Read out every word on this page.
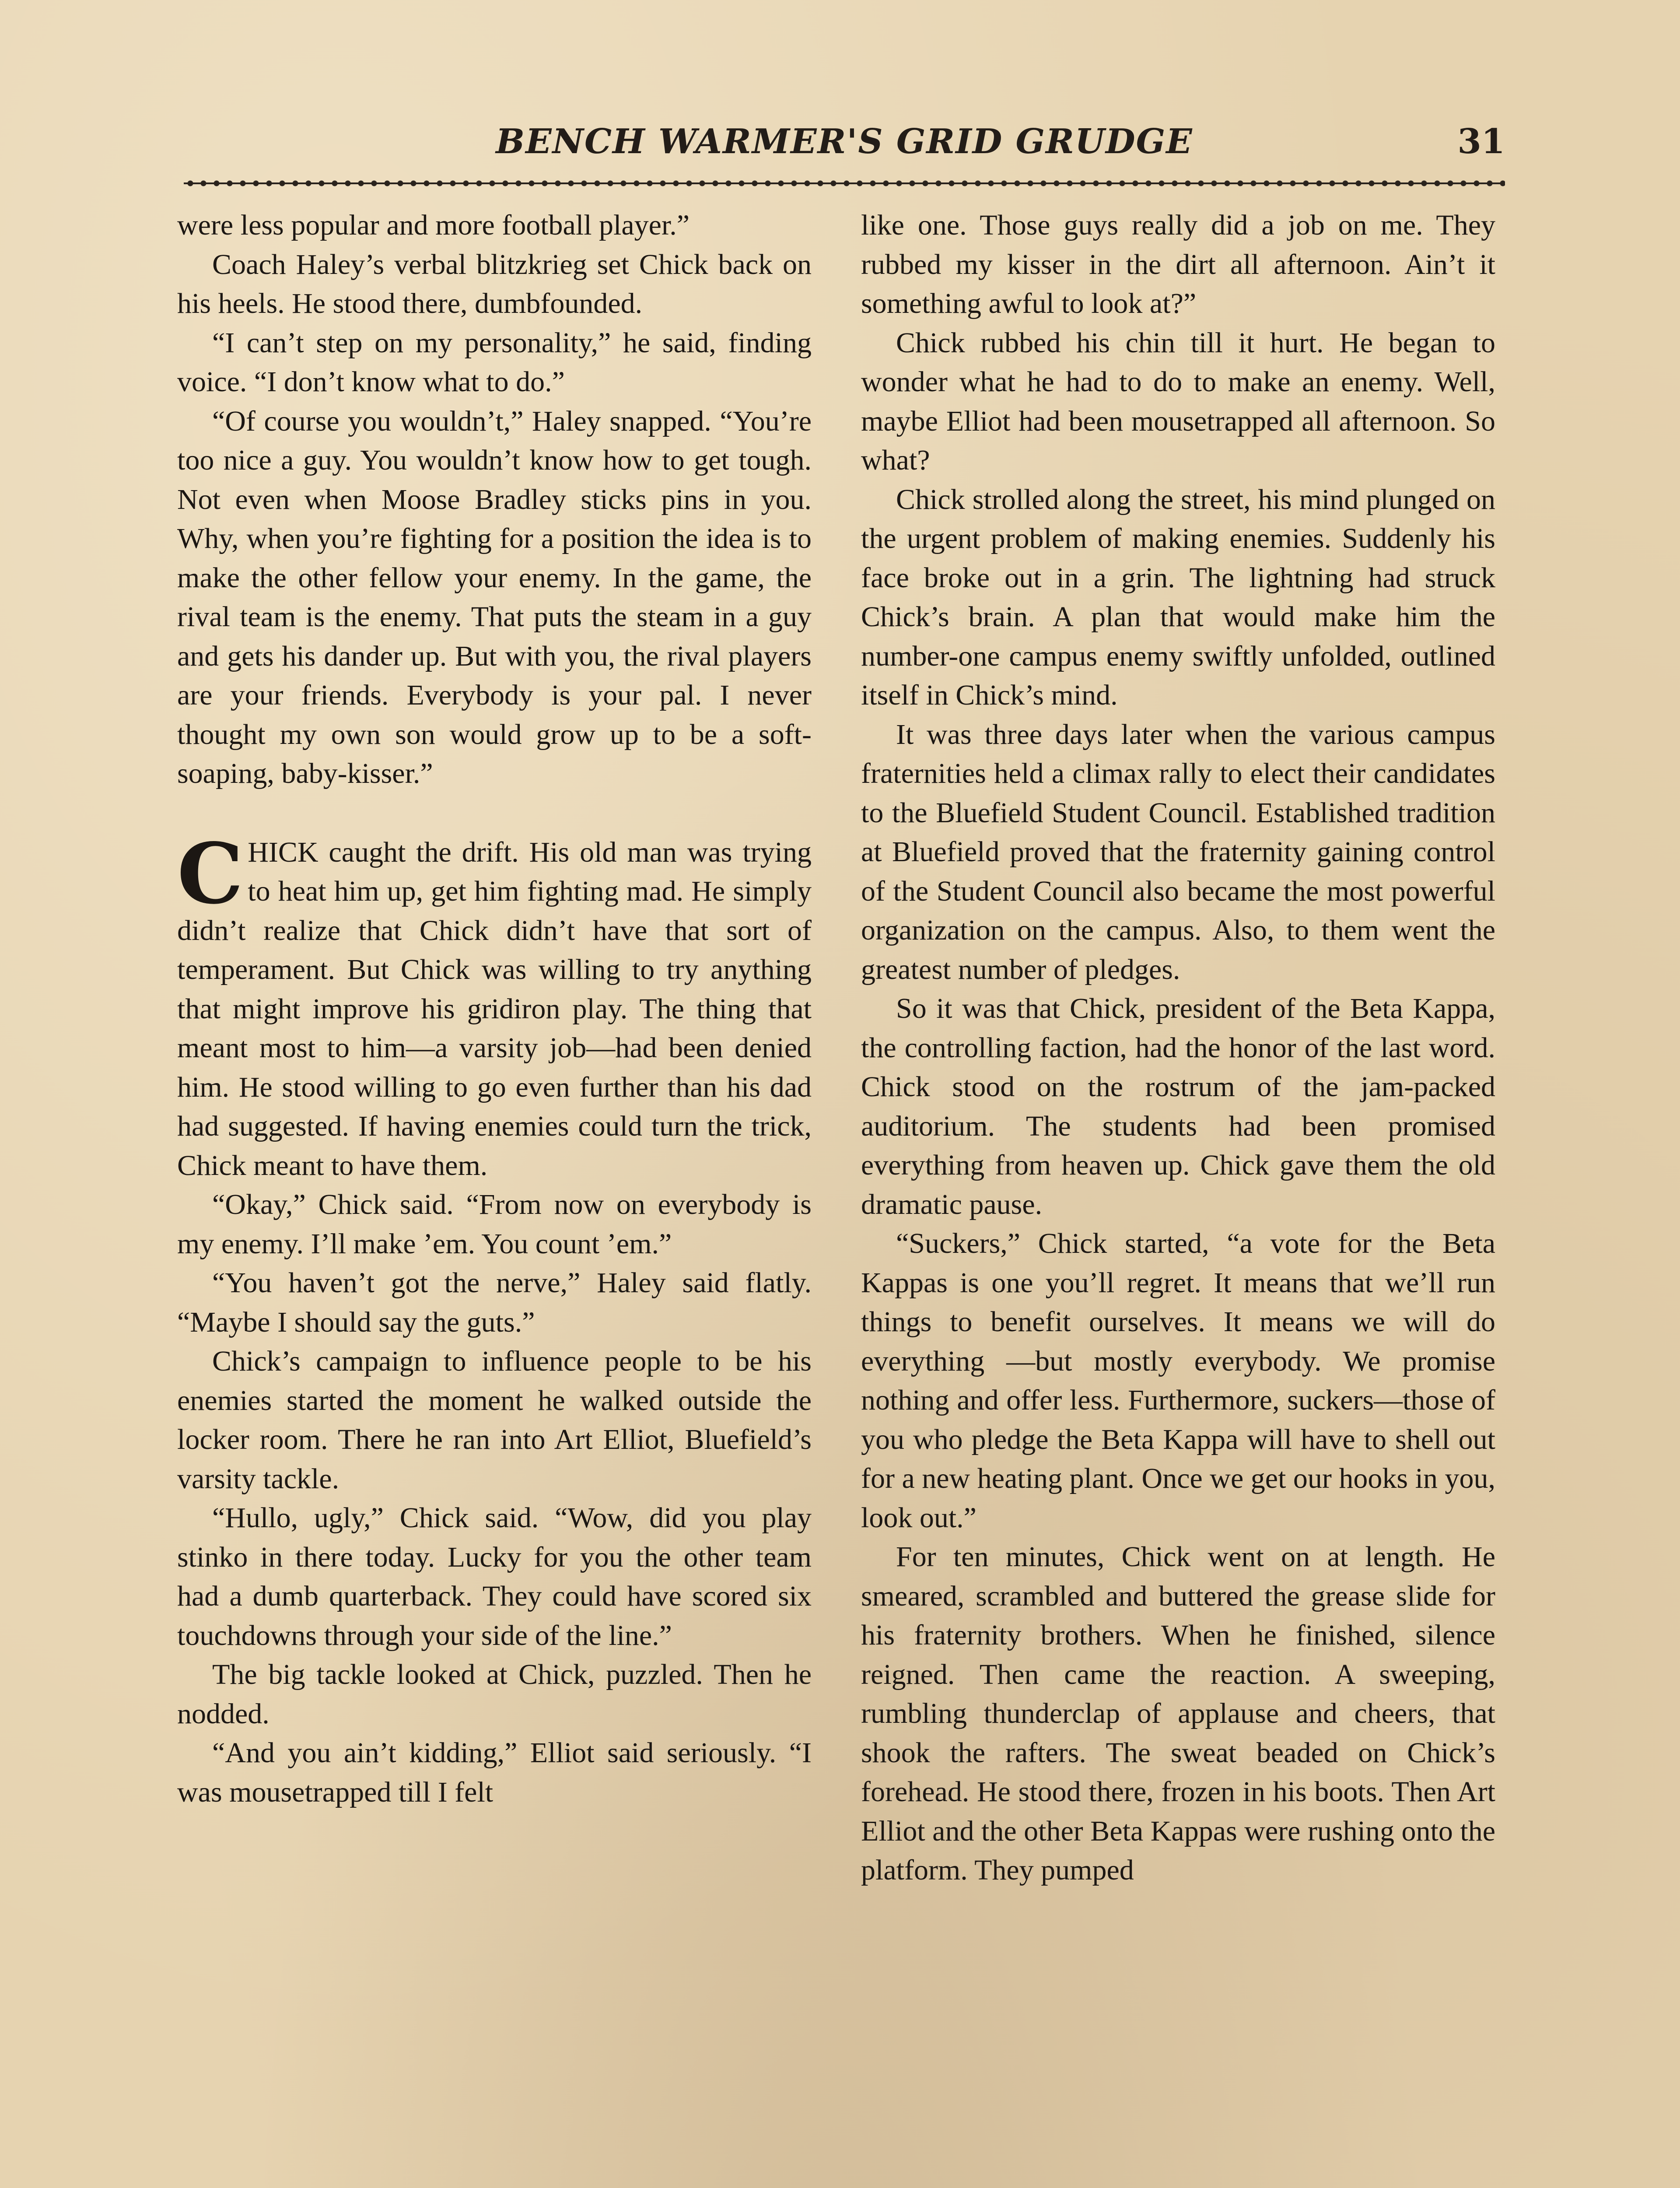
BENCH WARMER'S GRID GRUDGE	31

were less popular and more football player.”

Coach Haley’s verbal blitzkrieg set Chick back on his heels. He stood there, dumbfounded.

“I can’t step on my personality,” he said, finding voice. “I don’t know what to do.”

“Of course you wouldn’t,” Haley snapped. “You’re too nice a guy. You wouldn’t know how to get tough. Not even when Moose Bradley sticks pins in you. Why, when you’re fighting for a position the idea is to make the other fellow your enemy. In the game, the rival team is the enemy. That puts the steam in a guy and gets his dander up. But with you, the rival players are your friends. Everybody is your pal. I never thought my own son would grow up to be a soft-soaping, baby-kisser.”

CHICK caught the drift. His old man was trying to heat him up, get him fighting mad. He simply didn’t realize that Chick didn’t have that sort of temperament. But Chick was willing to try anything that might improve his gridiron play. The thing that meant most to him—a varsity job—had been denied him. He stood willing to go even further than his dad had suggested. If having enemies could turn the trick, Chick meant to have them.

“Okay,” Chick said. “From now on everybody is my enemy. I’ll make ’em. You count ’em.”

“You haven’t got the nerve,” Haley said flatly. “Maybe I should say the guts.”

Chick’s campaign to influence people to be his enemies started the moment he walked outside the locker room. There he ran into Art Elliot, Bluefield’s varsity tackle.

“Hullo, ugly,” Chick said. “Wow, did you play stinko in there today. Lucky for you the other team had a dumb quarterback. They could have scored six touchdowns through your side of the line.”

The big tackle looked at Chick, puzzled. Then he nodded.

“And you ain’t kidding,” Elliot said seriously. “I was mousetrapped till I felt

like one. Those guys really did a job on me. They rubbed my kisser in the dirt all afternoon. Ain’t it something awful to look at?”

Chick rubbed his chin till it hurt. He began to wonder what he had to do to make an enemy. Well, maybe Elliot had been mousetrapped all afternoon. So what?

Chick strolled along the street, his mind plunged on the urgent problem of making enemies. Suddenly his face broke out in a grin. The lightning had struck Chick’s brain. A plan that would make him the number-one campus enemy swiftly unfolded, outlined itself in Chick’s mind.

It was three days later when the various campus fraternities held a climax rally to elect their candidates to the Bluefield Student Council. Established tradition at Bluefield proved that the fraternity gaining control of the Student Council also became the most powerful organization on the campus. Also, to them went the greatest number of pledges.

So it was that Chick, president of the Beta Kappa, the controlling faction, had the honor of the last word. Chick stood on the rostrum of the jam-packed auditorium. The students had been promised everything from heaven up. Chick gave them the old dramatic pause.

“Suckers,” Chick started, “a vote for the Beta Kappas is one you’ll regret. It means that we’ll run things to benefit ourselves. It means we will do everything —but mostly everybody. We promise nothing and offer less. Furthermore, suckers—those of you who pledge the Beta Kappa will have to shell out for a new heating plant. Once we get our hooks in you, look out.”

For ten minutes, Chick went on at length. He smeared, scrambled and buttered the grease slide for his fraternity brothers. When he finished, silence reigned. Then came the reaction. A sweeping, rumbling thunderclap of applause and cheers, that shook the rafters. The sweat beaded on Chick’s forehead. He stood there, frozen in his boots. Then Art Elliot and the other Beta Kappas were rushing onto the platform. They pumped
